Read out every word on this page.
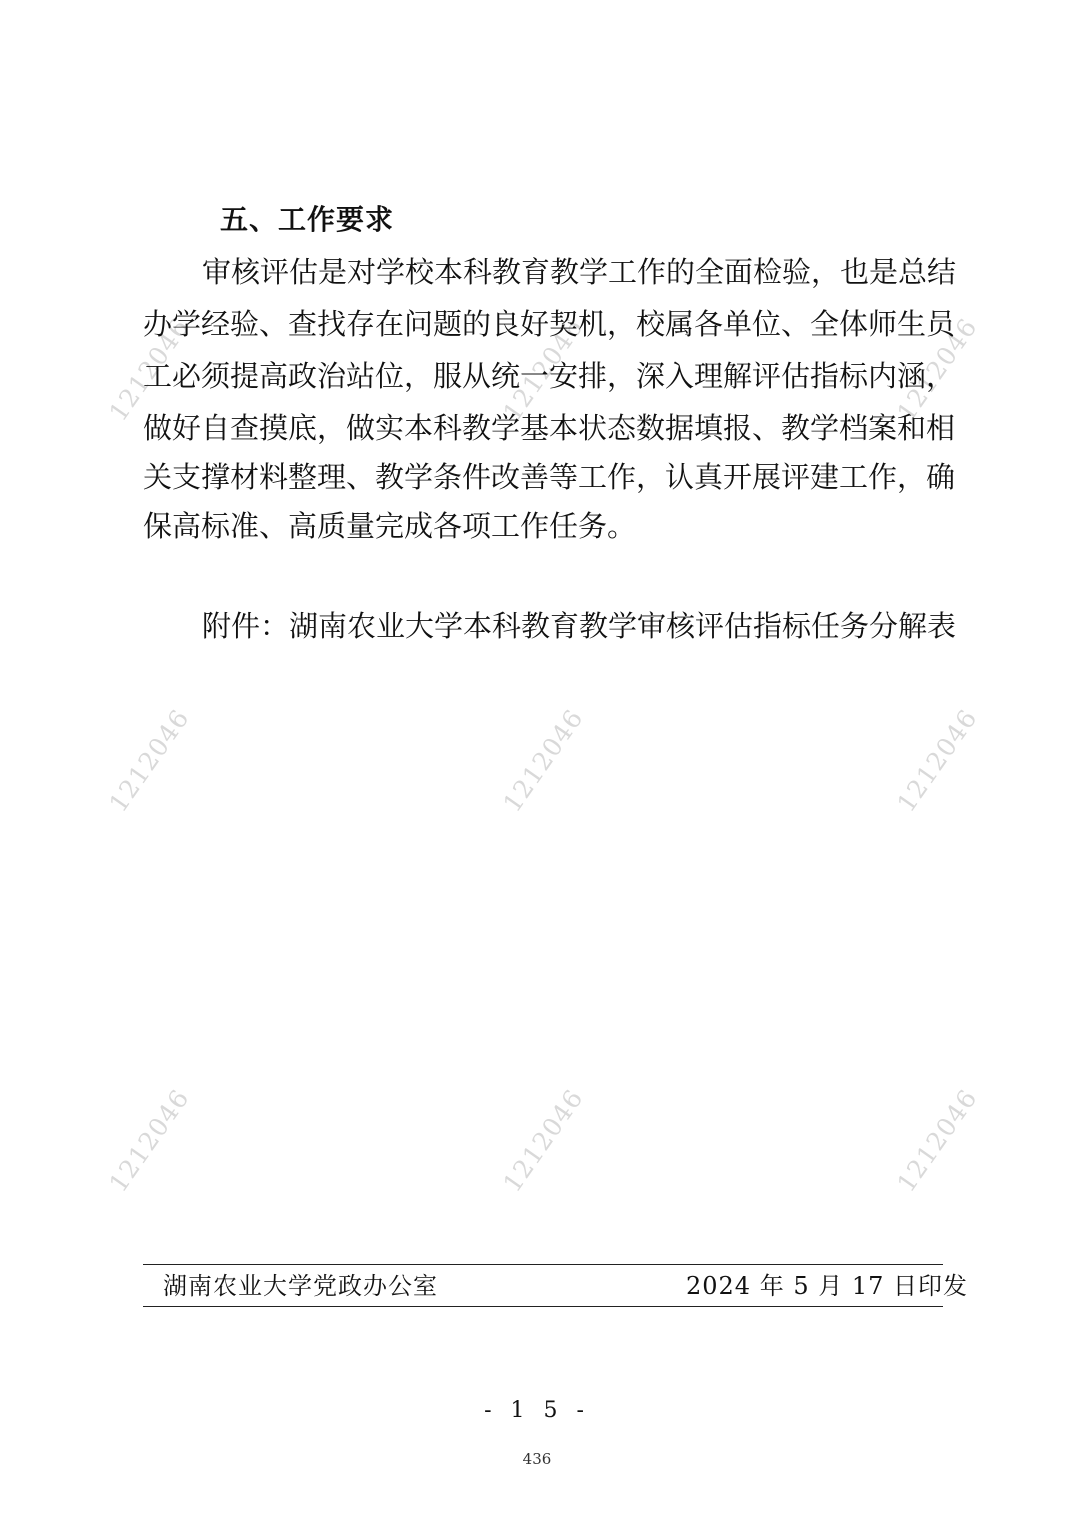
1212046	1212046	1212046
1212046	1212046	1212046
1212046	1212046	1212046
五、工作要求
审核评估是对学校本科教育教学工作的全面检验，也是总结
办学经验、查找存在问题的良好契机，校属各单位、全体师生员
工必须提高政治站位，服从统一安排，深入理解评估指标内涵，
做好自查摸底，做实本科教学基本状态数据填报、教学档案和相
关支撑材料整理、教学条件改善等工作，认真开展评建工作，确
保高标准、高质量完成各项工作任务。
附件：湖南农业大学本科教育教学审核评估指标任务分解表
湖南农业大学党政办公室	2024 年 5 月 17 日印发
- 1 5 -
436
